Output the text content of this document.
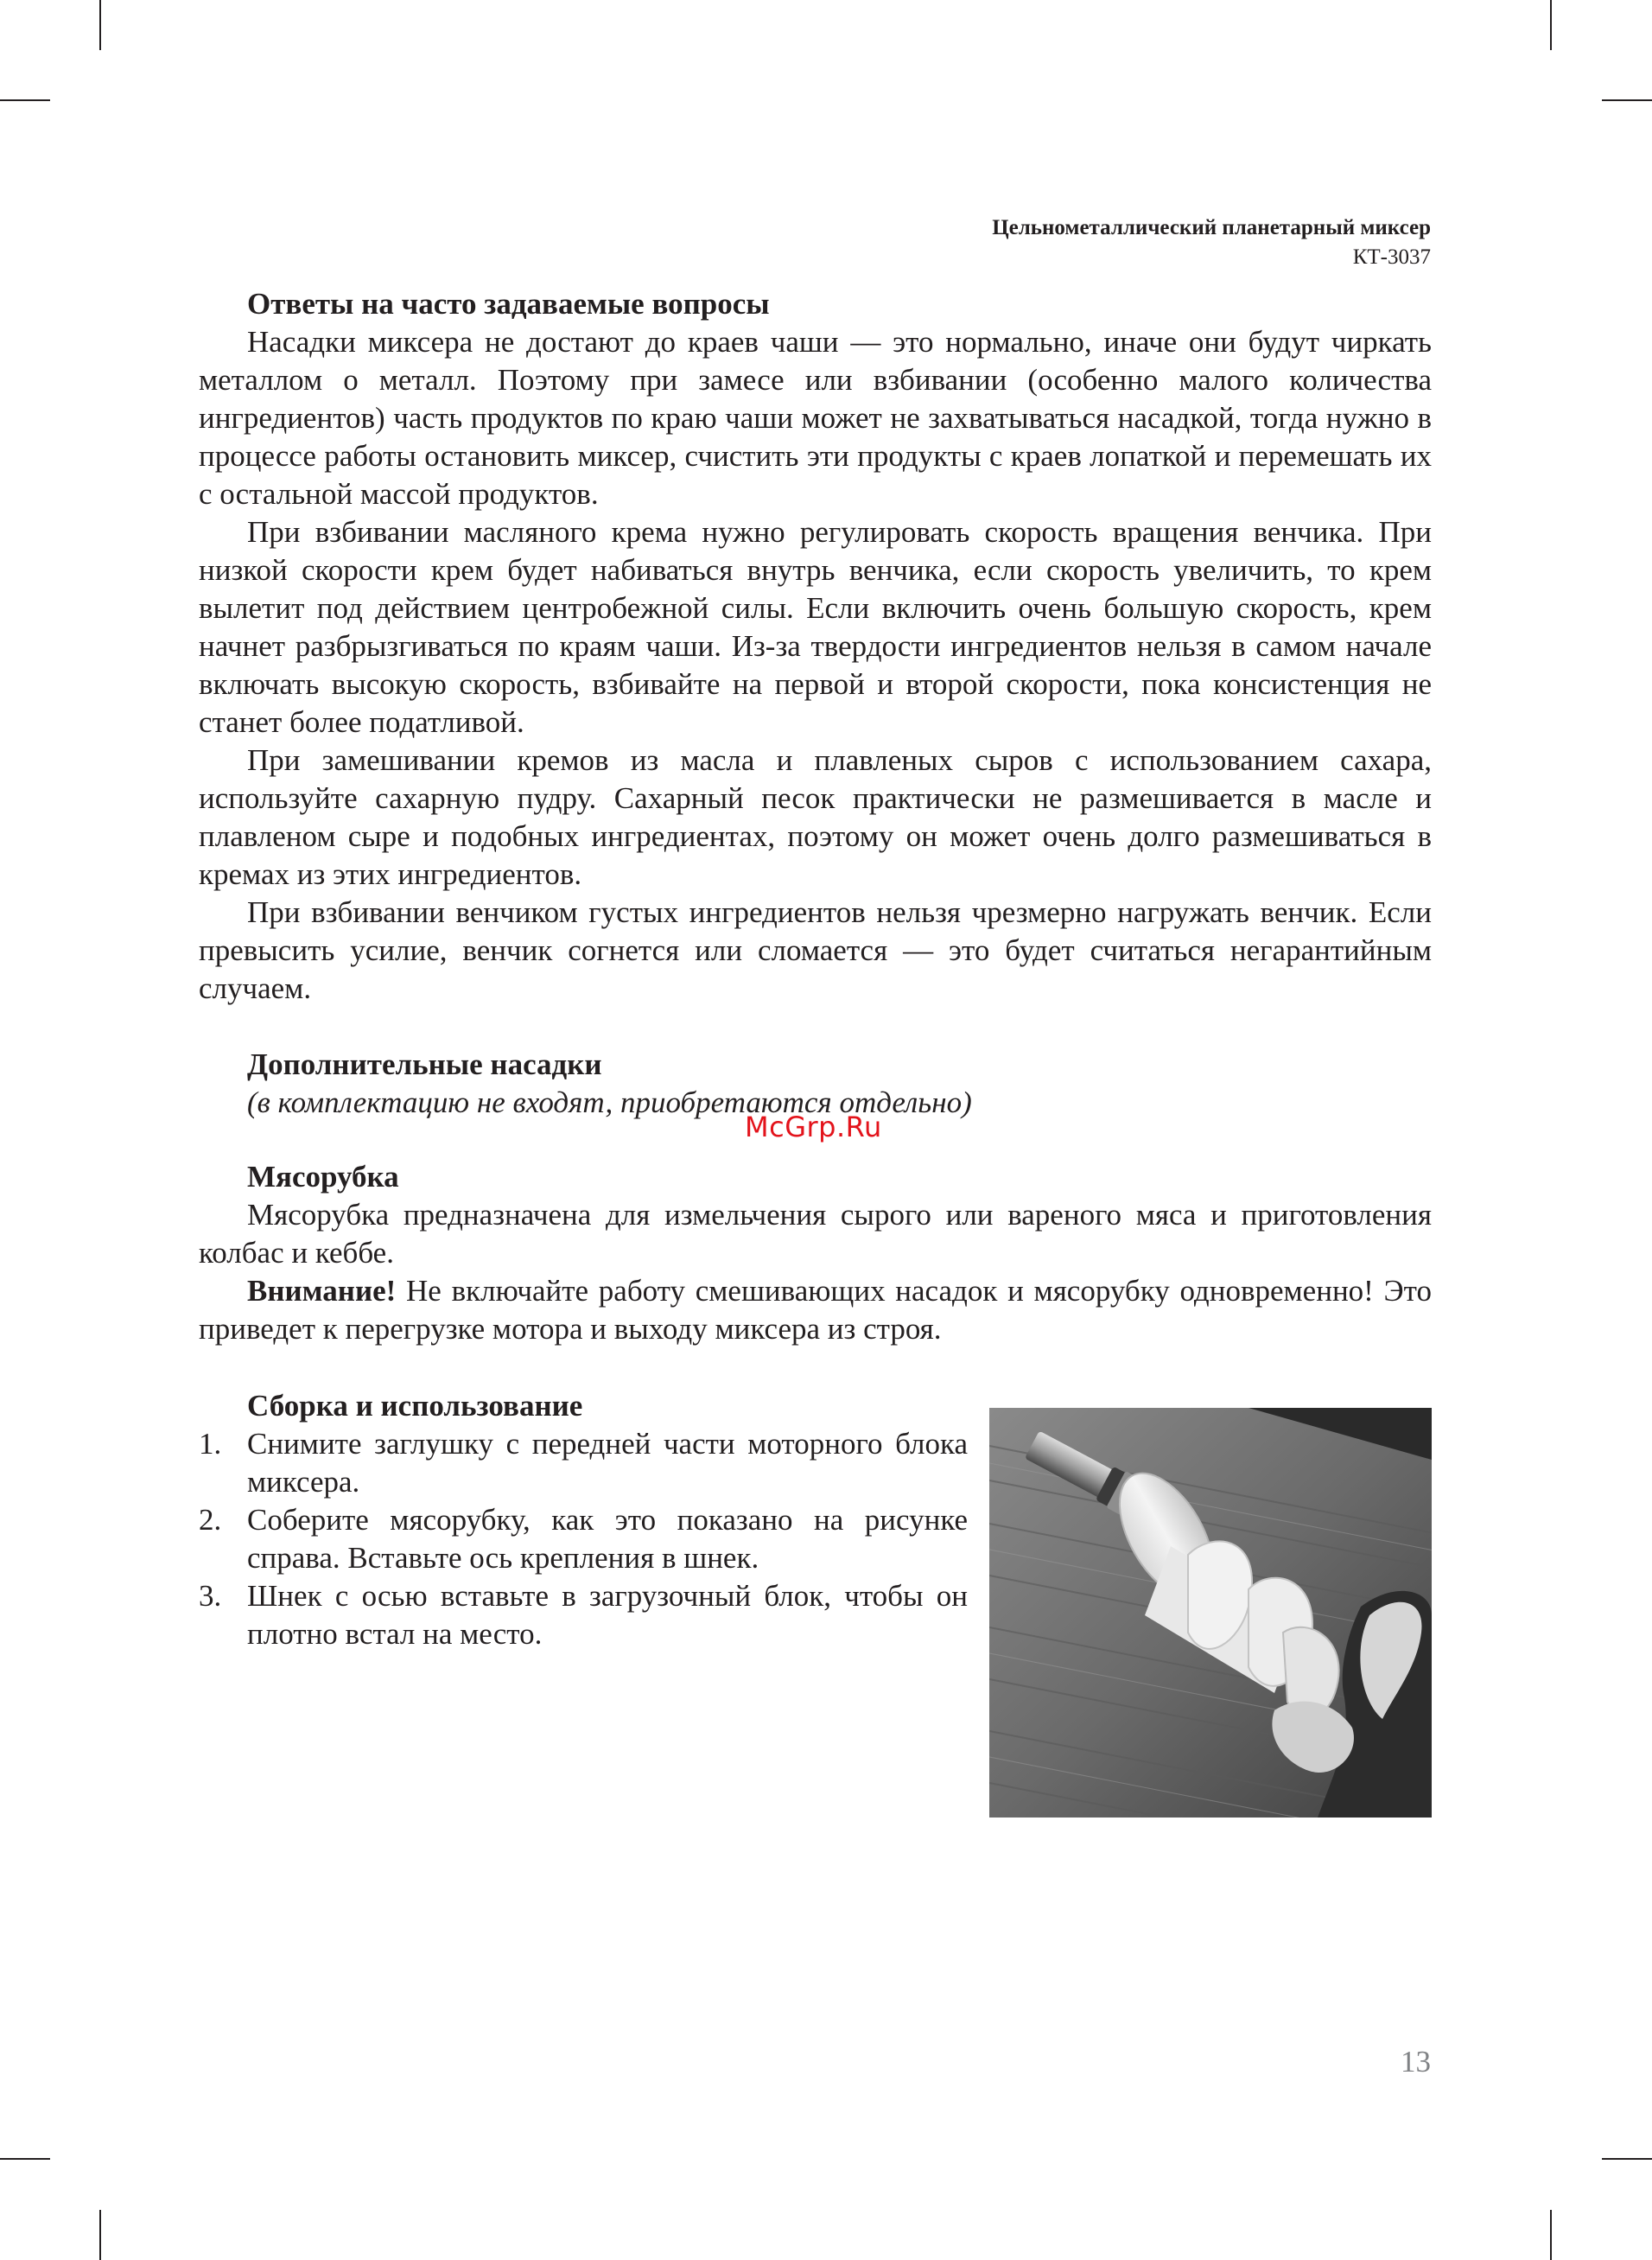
Цельнометаллический планетарный миксер
КТ-3037
Ответы на часто задаваемые вопросы

Насадки миксера не достают до краев чаши — это нормально, иначе они будут чиркать металлом о металл. Поэтому при замесе или взбивании (особенно малого количества ингредиентов) часть продуктов по краю чаши может не захватываться насадкой, тогда нужно в процессе работы остановить миксер, счистить эти продукты с краев лопаткой и перемешать их с остальной массой продуктов.

При взбивании масляного крема нужно регулировать скорость вращения венчика. При низкой скорости крем будет набиваться внутрь венчика, если скорость увеличить, то крем вылетит под действием центробежной силы. Если включить очень большую скорость, крем начнет разбрызгиваться по краям чаши. Из-за твердости ингредиентов нельзя в самом начале включать высокую скорость, взбивайте на первой и второй скорости, пока консистенция не станет более податливой.

При замешивании кремов из масла и плавленых сыров с использованием сахара, используйте сахарную пудру. Сахарный песок практически не размешивается в масле и плавленом сыре и подобных ингредиентах, поэтому он может очень долго размешиваться в кремах из этих ингредиентов.

При взбивании венчиком густых ингредиентов нельзя чрезмерно нагружать венчик. Если превысить усилие, венчик согнется или сломается — это будет считаться негарантийным случаем.

Дополнительные насадки
(в комплектацию не входят, приобретаются отдельно)
Мясорубка

Мясорубка предназначена для измельчения сырого или вареного мяса и приготовления колбас и кеббе.

Внимание! Не включайте работу смешивающих насадок и мясорубку одновременно! Это приведет к перегрузке мотора и выходу миксера из строя.

McGrp.Ru
Сборка и использование
1. Снимите заглушку с передней части моторного блока миксера.
2. Соберите мясорубку, как это показано на рисунке справа. Вставьте ось крепления в шнек.
3. Шнек с осью вставьте в загрузочный блок, чтобы он плотно встал на место.
13
